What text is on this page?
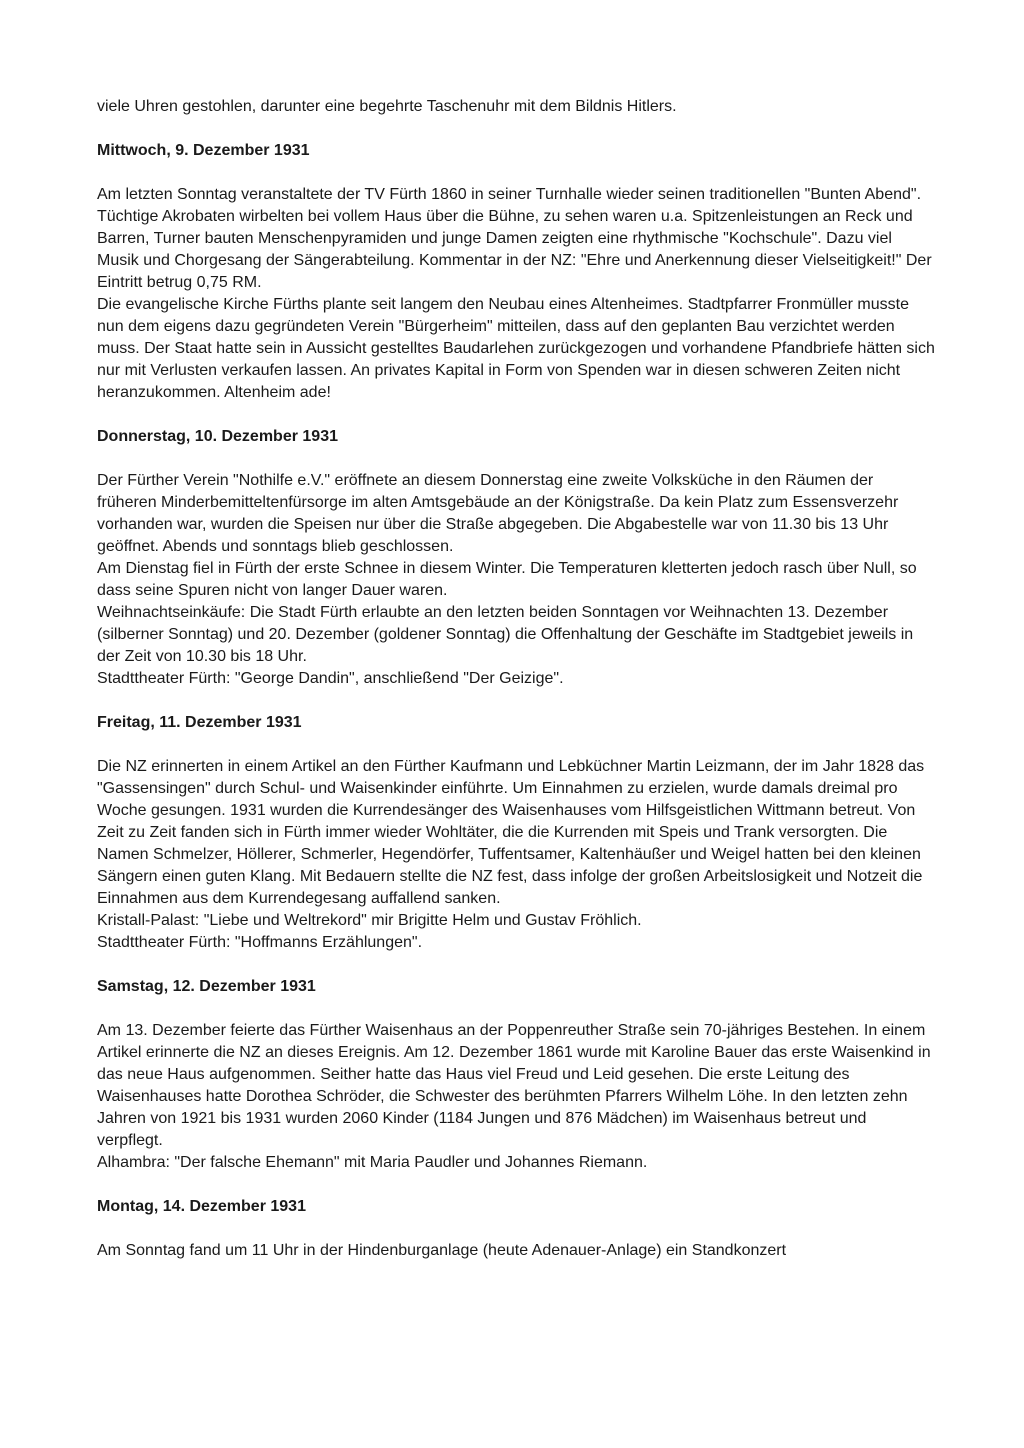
viele Uhren gestohlen, darunter eine begehrte Taschenuhr mit dem Bildnis Hitlers.

Mittwoch, 9. Dezember 1931

Am letzten Sonntag veranstaltete der TV Fürth 1860 in seiner Turnhalle wieder seinen traditionellen "Bunten Abend". Tüchtige Akrobaten wirbelten bei vollem Haus über die Bühne, zu sehen waren u.a. Spitzenleistungen an Reck und Barren, Turner bauten Menschenpyramiden und junge Damen zeigten eine rhythmische "Kochschule". Dazu viel Musik und Chorgesang der Sängerabteilung. Kommentar in der NZ: "Ehre und Anerkennung dieser Vielseitigkeit!" Der Eintritt betrug 0,75 RM.

Die evangelische Kirche Fürths plante seit langem den Neubau eines Altenheimes. Stadtpfarrer Fronmüller musste nun dem eigens dazu gegründeten Verein "Bürgerheim" mitteilen, dass auf den geplanten Bau verzichtet werden muss. Der Staat hatte sein in Aussicht gestelltes Baudarlehen zurückgezogen und vorhandene Pfandbriefe hätten sich nur mit Verlusten verkaufen lassen. An privates Kapital in Form von Spenden war in diesen schweren Zeiten nicht heranzukommen. Altenheim ade!

Donnerstag, 10. Dezember 1931

Der Fürther Verein "Nothilfe e.V." eröffnete an diesem Donnerstag eine zweite Volksküche in den Räumen der früheren Minderbemitteltenfürsorge im alten Amtsgebäude an der Königstraße. Da kein Platz zum Essensverzehr vorhanden war, wurden die Speisen nur über die Straße abgegeben. Die Abgabestelle war von 11.30 bis 13 Uhr geöffnet. Abends und sonntags blieb geschlossen.

Am Dienstag fiel in Fürth der erste Schnee in diesem Winter. Die Temperaturen kletterten jedoch rasch über Null, so dass seine Spuren nicht von langer Dauer waren.

Weihnachtseinkäufe: Die Stadt Fürth erlaubte an den letzten beiden Sonntagen vor Weihnachten 13. Dezember (silberner Sonntag) und 20. Dezember (goldener Sonntag) die Offenhaltung der Geschäfte im Stadtgebiet jeweils in der Zeit von 10.30 bis 18 Uhr.

Stadttheater Fürth: "George Dandin", anschließend "Der Geizige".

Freitag, 11. Dezember 1931

Die NZ erinnerten in einem Artikel an den Fürther Kaufmann und Lebküchner Martin Leizmann, der im Jahr 1828 das "Gassensingen" durch Schul- und Waisenkinder einführte. Um Einnahmen zu erzielen, wurde damals dreimal pro Woche gesungen. 1931 wurden die Kurrendesänger des Waisenhauses vom Hilfsgeistlichen Wittmann betreut. Von Zeit zu Zeit fanden sich in Fürth immer wieder Wohltäter, die die Kurrenden mit Speis und Trank versorgten. Die Namen Schmelzer, Höllerer, Schmerler, Hegendörfer, Tuffentsamer, Kaltenhäußer und Weigel hatten bei den kleinen Sängern einen guten Klang. Mit Bedauern stellte die NZ fest, dass infolge der großen Arbeitslosigkeit und Notzeit die Einnahmen aus dem Kurrendegesang auffallend sanken.

Kristall-Palast: "Liebe und Weltrekord" mir Brigitte Helm und Gustav Fröhlich.

Stadttheater Fürth: "Hoffmanns Erzählungen".

Samstag, 12. Dezember 1931

Am 13. Dezember feierte das Fürther Waisenhaus an der Poppenreuther Straße sein 70-jähriges Bestehen. In einem Artikel erinnerte die NZ an dieses Ereignis. Am 12. Dezember 1861 wurde mit Karoline Bauer das erste Waisenkind in das neue Haus aufgenommen. Seither hatte das Haus viel Freud und Leid gesehen. Die erste Leitung des Waisenhauses hatte Dorothea Schröder, die Schwester des berühmten Pfarrers Wilhelm Löhe. In den letzten zehn Jahren von 1921 bis 1931 wurden 2060 Kinder (1184 Jungen und 876 Mädchen) im Waisenhaus betreut und verpflegt.

Alhambra: "Der falsche Ehemann" mit Maria Paudler und Johannes Riemann.

Montag, 14. Dezember 1931

Am Sonntag fand um 11 Uhr in der Hindenburganlage (heute Adenauer-Anlage) ein Standkonzert
